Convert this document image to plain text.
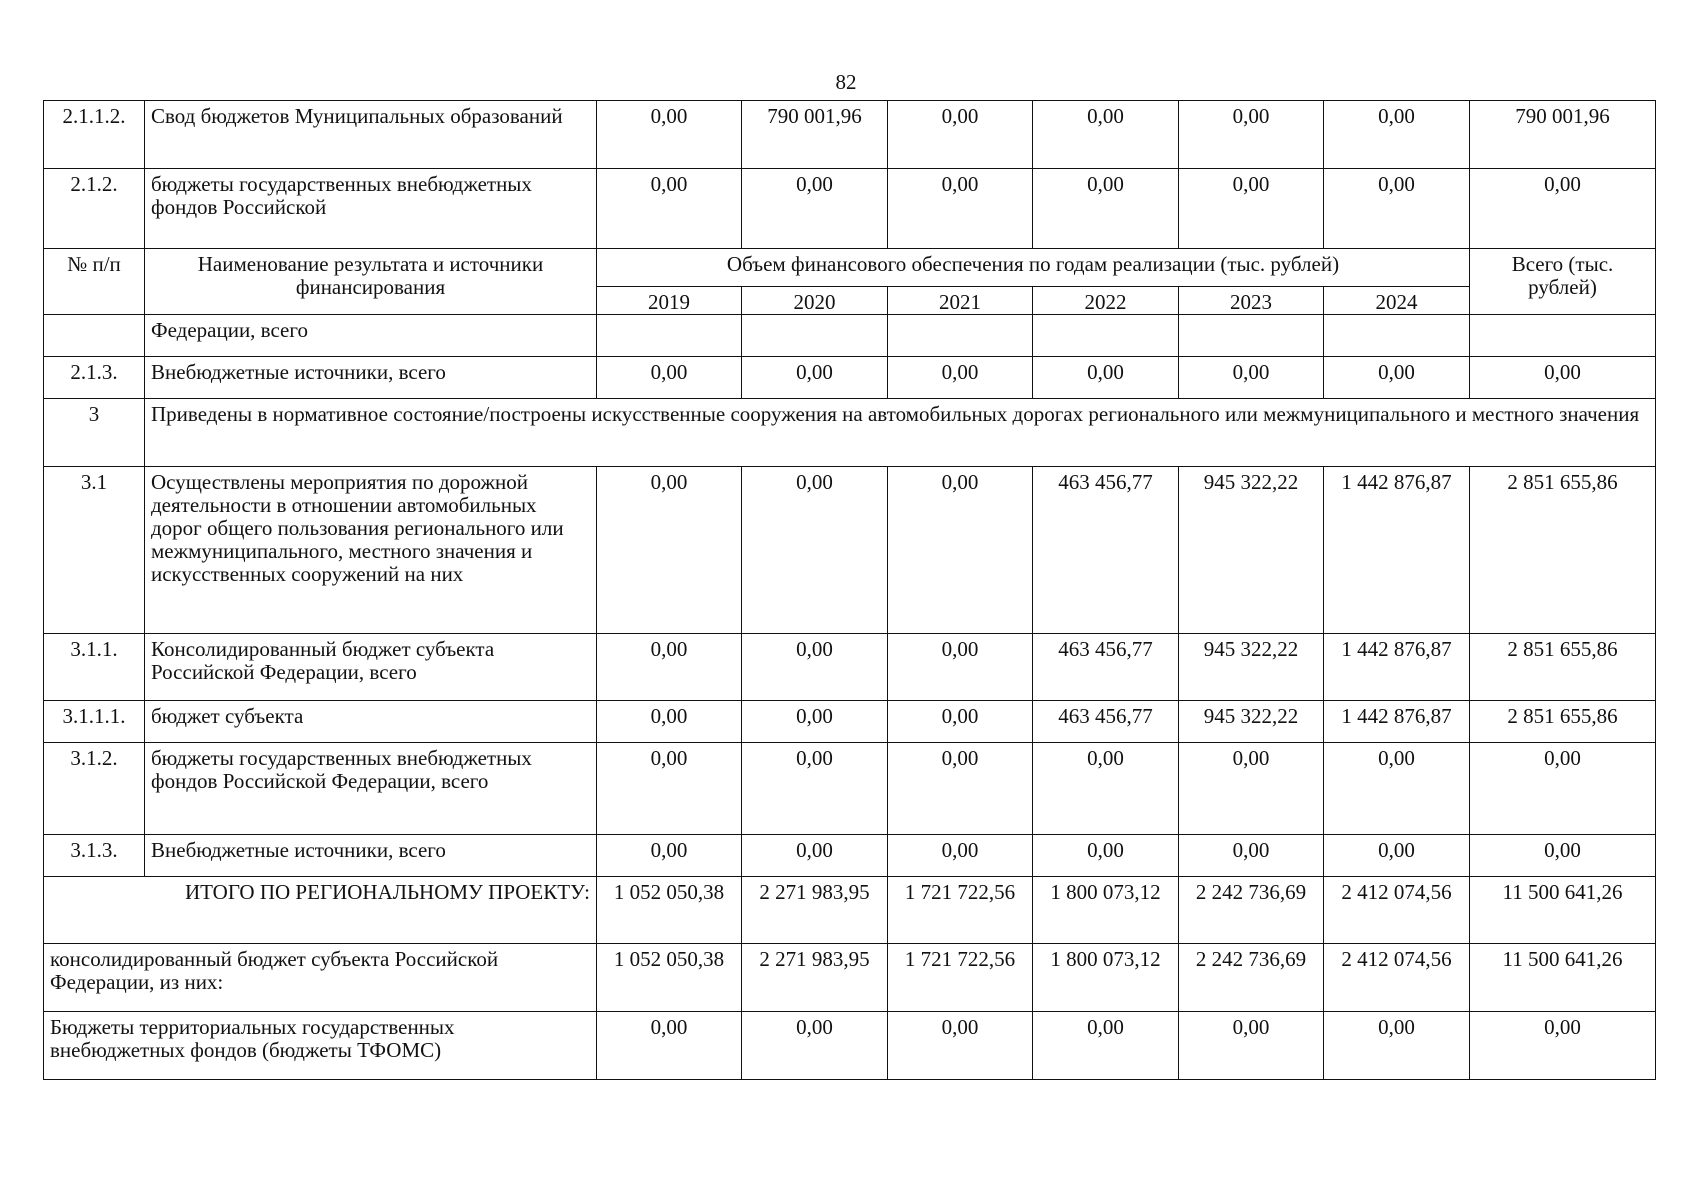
82
2.1.1.2.	Свод бюджетов Муниципальных образований	0,00	790 001,96	0,00	0,00	0,00	0,00	790 001,96
2.1.2.	бюджеты государственных внебюджетных фондов Российской	0,00	0,00	0,00	0,00	0,00	0,00	0,00
№ п/п	Наименование результата и источники финансирования	Объем финансового обеспечения по годам реализации (тыс. рублей)						Всего (тыс. рублей)
		2019	2020	2021	2022	2023	2024	
	Федерации, всего							
2.1.3.	Внебюджетные источники, всего	0,00	0,00	0,00	0,00	0,00	0,00	0,00
3	Приведены в нормативное состояние/построены искусственные сооружения на автомобильных дорогах регионального или межмуниципального и местного значения							
3.1	Осуществлены мероприятия по дорожной деятельности в отношении автомобильных дорог общего пользования регионального или межмуниципального, местного значения и искусственных сооружений на них	0,00	0,00	0,00	463 456,77	945 322,22	1 442 876,87	2 851 655,86
3.1.1.	Консолидированный бюджет субъекта Российской Федерации, всего	0,00	0,00	0,00	463 456,77	945 322,22	1 442 876,87	2 851 655,86
3.1.1.1.	бюджет субъекта	0,00	0,00	0,00	463 456,77	945 322,22	1 442 876,87	2 851 655,86
3.1.2.	бюджеты государственных внебюджетных фондов Российской Федерации, всего	0,00	0,00	0,00	0,00	0,00	0,00	0,00
3.1.3.	Внебюджетные источники, всего	0,00	0,00	0,00	0,00	0,00	0,00	0,00
ИТОГО ПО РЕГИОНАЛЬНОМУ ПРОЕКТУ:		1 052 050,38	2 271 983,95	1 721 722,56	1 800 073,12	2 242 736,69	2 412 074,56	11 500 641,26
консолидированный бюджет субъекта Российской Федерации, из них:		1 052 050,38	2 271 983,95	1 721 722,56	1 800 073,12	2 242 736,69	2 412 074,56	11 500 641,26
Бюджеты территориальных государственных внебюджетных фондов (бюджеты ТФОМС)		0,00	0,00	0,00	0,00	0,00	0,00	0,00
